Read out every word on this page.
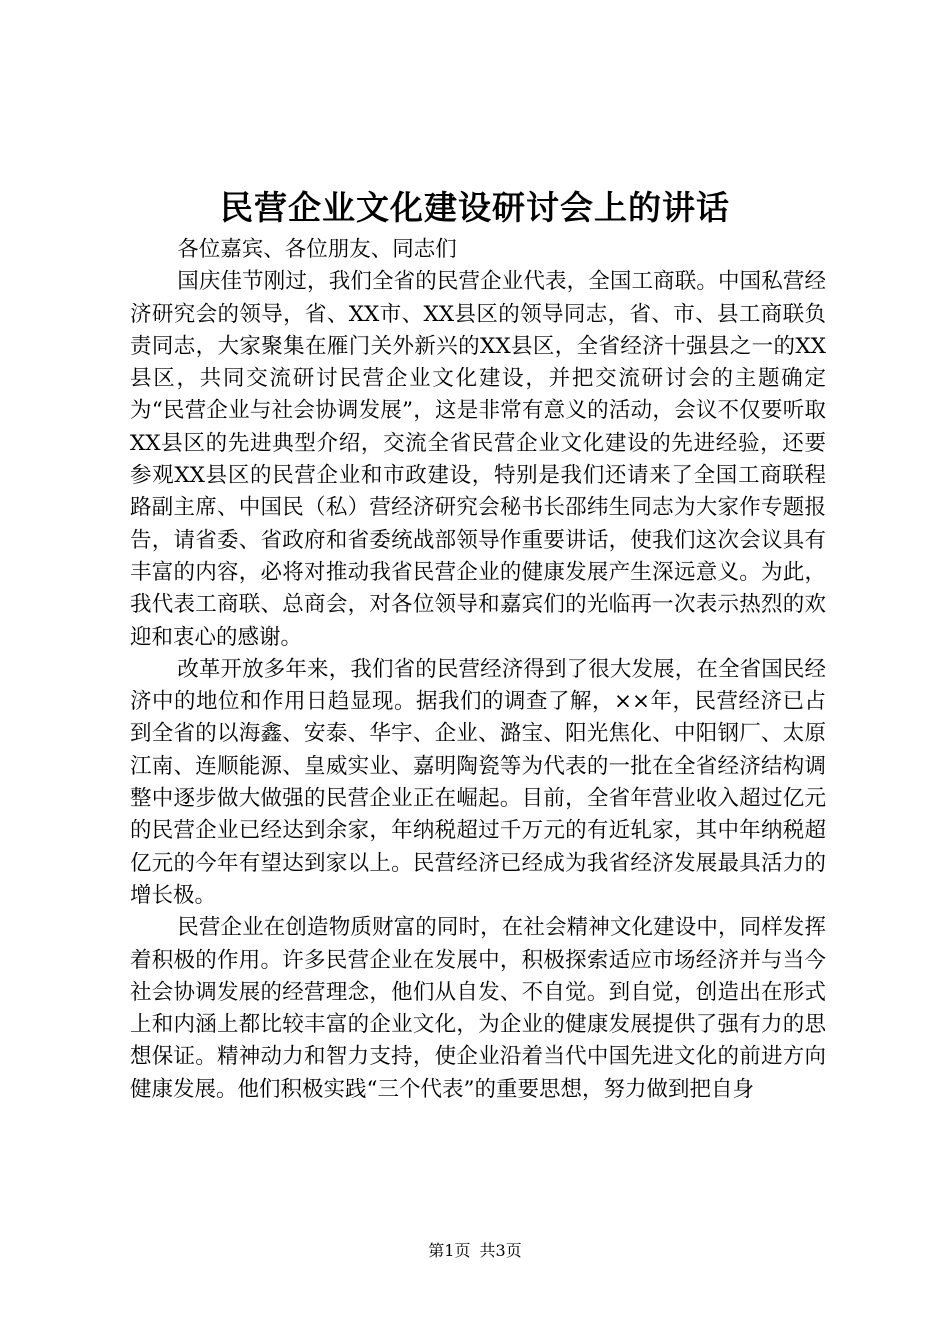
民营企业文化建设研讨会上的讲话

各位嘉宾、各位朋友、同志们

国庆佳节刚过，我们全省的民营企业代表，全国工商联。中国私营经济研究会的领导，省、XX市、XX县区的领导同志，省、市、县工商联负责同志，大家聚集在雁门关外新兴的XX县区，全省经济十强县之一的XX县区，共同交流研讨民营企业文化建设，并把交流研讨会的主题确定为“民营企业与社会协调发展”，这是非常有意义的活动，会议不仅要听取XX县区的先进典型介绍，交流全省民营企业文化建设的先进经验，还要参观XX县区的民营企业和市政建设，特别是我们还请来了全国工商联程路副主席、中国民（私）营经济研究会秘书长邵纬生同志为大家作专题报告，请省委、省政府和省委统战部领导作重要讲话，使我们这次会议具有丰富的内容，必将对推动我省民营企业的健康发展产生深远意义。为此，我代表工商联、总商会，对各位领导和嘉宾们的光临再一次表示热烈的欢迎和衷心的感谢。

改革开放多年来，我们省的民营经济得到了很大发展，在全省国民经济中的地位和作用日趋显现。据我们的调查了解，××年，民营经济已占到全省的以海鑫、安泰、华宇、企业、潞宝、阳光焦化、中阳钢厂、太原江南、连顺能源、皇威实业、嘉明陶瓷等为代表的一批在全省经济结构调整中逐步做大做强的民营企业正在崛起。目前，全省年营业收入超过亿元的民营企业已经达到余家，年纳税超过千万元的有近轧家，其中年纳税超亿元的今年有望达到家以上。民营经济已经成为我省经济发展最具活力的增长极。

民营企业在创造物质财富的同时，在社会精神文化建设中，同样发挥着积极的作用。许多民营企业在发展中，积极探索适应市场经济并与当今社会协调发展的经营理念，他们从自发、不自觉。到自觉，创造出在形式上和内涵上都比较丰富的企业文化，为企业的健康发展提供了强有力的思想保证。精神动力和智力支持，使企业沿着当代中国先进文化的前进方向健康发展。他们积极实践“三个代表”的重要思想，努力做到把自身

第1页 共3页
